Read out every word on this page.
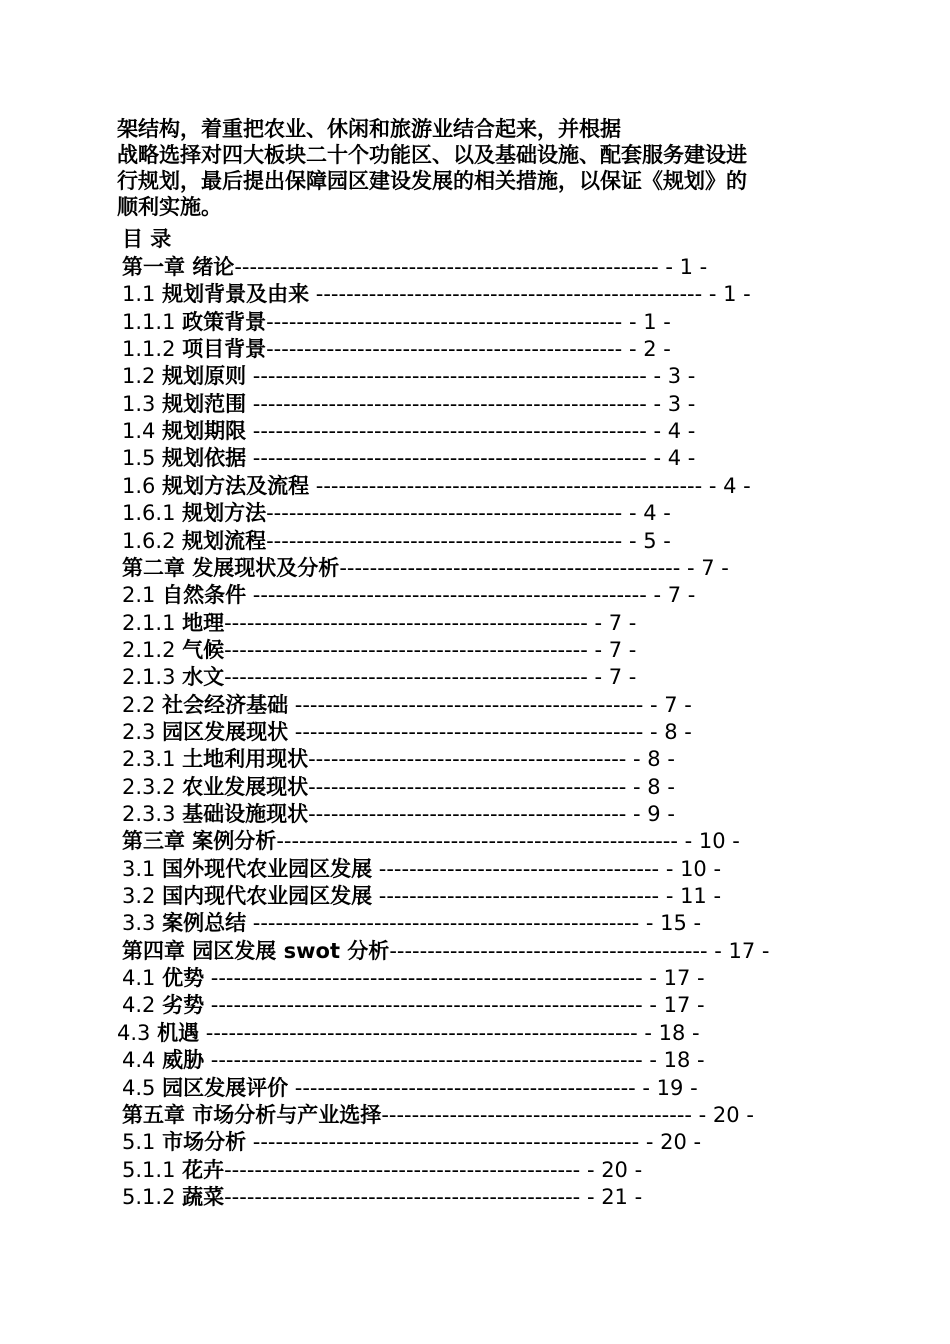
架结构，着重把农业、休闲和旅游业结合起来，并根据
战略选择对四大板块二十个功能区、以及基础设施、配套服务建设进
行规划，最后提出保障园区建设发展的相关措施，以保证《规划》的
顺利实施。
目 录
第一章 绪论-------------------------------------------------------- - 1 -
1.1 规划背景及由来 --------------------------------------------------- - 1 -
1.1.1 政策背景----------------------------------------------- - 1 -
1.1.2 项目背景----------------------------------------------- - 2 -
1.2 规划原则 ---------------------------------------------------- - 3 -
1.3 规划范围 ---------------------------------------------------- - 3 -
1.4 规划期限 ---------------------------------------------------- - 4 -
1.5 规划依据 ---------------------------------------------------- - 4 -
1.6 规划方法及流程 --------------------------------------------------- - 4 -
1.6.1 规划方法----------------------------------------------- - 4 -
1.6.2 规划流程----------------------------------------------- - 5 -
第二章 发展现状及分析--------------------------------------------- - 7 -
2.1 自然条件 ---------------------------------------------------- - 7 -
2.1.1 地理------------------------------------------------ - 7 -
2.1.2 气候------------------------------------------------ - 7 -
2.1.3 水文------------------------------------------------ - 7 -
2.2 社会经济基础 ---------------------------------------------- - 7 -
2.3 园区发展现状 ---------------------------------------------- - 8 -
2.3.1 土地利用现状------------------------------------------ - 8 -
2.3.2 农业发展现状------------------------------------------ - 8 -
2.3.3 基础设施现状------------------------------------------ - 9 -
第三章 案例分析----------------------------------------------------- - 10 -
3.1 国外现代农业园区发展 ------------------------------------- - 10 -
3.2 国内现代农业园区发展 ------------------------------------- - 11 -
3.3 案例总结 --------------------------------------------------- - 15 -
第四章 园区发展 swot 分析------------------------------------------ - 17 -
4.1 优势 --------------------------------------------------------- - 17 -
4.2 劣势 --------------------------------------------------------- - 17 -
4.3 机遇 --------------------------------------------------------- - 18 -
4.4 威胁 --------------------------------------------------------- - 18 -
4.5 园区发展评价 --------------------------------------------- - 19 -
第五章 市场分析与产业选择----------------------------------------- - 20 -
5.1 市场分析 --------------------------------------------------- - 20 -
5.1.1 花卉----------------------------------------------- - 20 -
5.1.2 蔬菜----------------------------------------------- - 21 -
